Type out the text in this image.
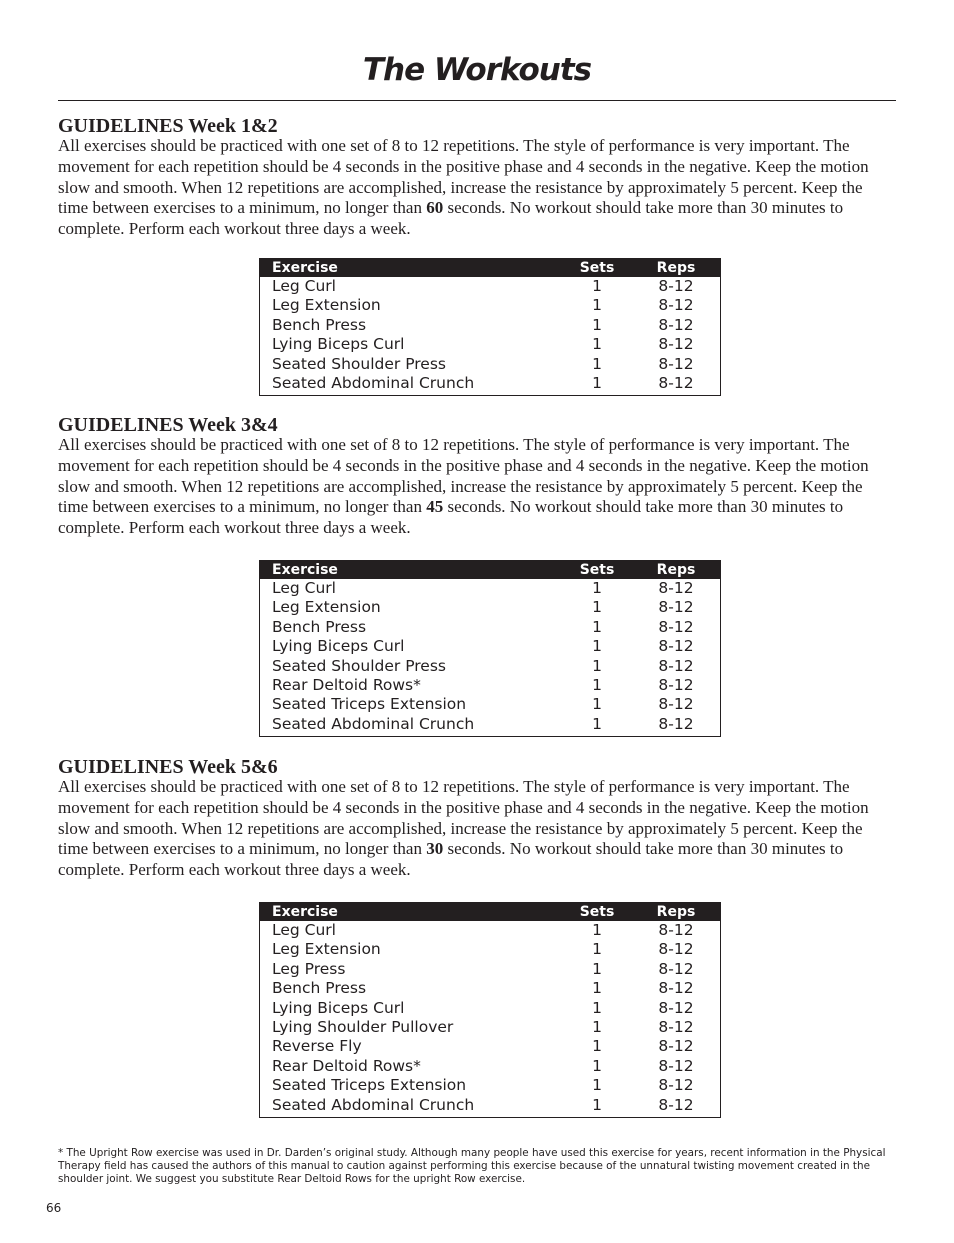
The Workouts
GUIDELINES Week 1&2

All exercises should be practiced with one set of 8 to 12 repetitions. The style of performance is very important. The movement for each repetition should be 4 seconds in the positive phase and 4 seconds in the negative. Keep the motion slow and smooth. When 12 repetitions are accomplished, increase the resistance by approximately 5 percent. Keep the time between exercises to a minimum, no longer than 60 seconds. No workout should take more than 30 minutes to complete. Perform each workout three days a week.

Exercise	Sets	Reps
Leg Curl	1	8-12
Leg Extension	1	8-12
Bench Press	1	8-12
Lying Biceps Curl	1	8-12
Seated Shoulder Press	1	8-12
Seated Abdominal Crunch	1	8-12
GUIDELINES Week 3&4

All exercises should be practiced with one set of 8 to 12 repetitions. The style of performance is very important. The movement for each repetition should be 4 seconds in the positive phase and 4 seconds in the negative. Keep the motion slow and smooth. When 12 repetitions are accomplished, increase the resistance by approximately 5 percent. Keep the time between exercises to a minimum, no longer than 45 seconds. No workout should take more than 30 minutes to complete. Perform each workout three days a week.

Exercise	Sets	Reps
Leg Curl	1	8-12
Leg Extension	1	8-12
Bench Press	1	8-12
Lying Biceps Curl	1	8-12
Seated Shoulder Press	1	8-12
Rear Deltoid Rows*	1	8-12
Seated Triceps Extension	1	8-12
Seated Abdominal Crunch	1	8-12
GUIDELINES Week 5&6

All exercises should be practiced with one set of 8 to 12 repetitions. The style of performance is very important. The movement for each repetition should be 4 seconds in the positive phase and 4 seconds in the negative. Keep the motion slow and smooth. When 12 repetitions are accomplished, increase the resistance by approximately 5 percent. Keep the time between exercises to a minimum, no longer than 30 seconds. No workout should take more than 30 minutes to complete. Perform each workout three days a week.

Exercise	Sets	Reps
Leg Curl	1	8-12
Leg Extension	1	8-12
Leg Press	1	8-12
Bench Press	1	8-12
Lying Biceps Curl	1	8-12
Lying Shoulder Pullover	1	8-12
Reverse Fly	1	8-12
Rear Deltoid Rows*	1	8-12
Seated Triceps Extension	1	8-12
Seated Abdominal Crunch	1	8-12

* The Upright Row exercise was used in Dr. Darden’s original study. Although many people have used this exercise for years, recent information in the Physical Therapy field has caused the authors of this manual to caution against performing this exercise because of the unnatural twisting movement created in the shoulder joint. We suggest you substitute Rear Deltoid Rows for the upright Row exercise.

66
